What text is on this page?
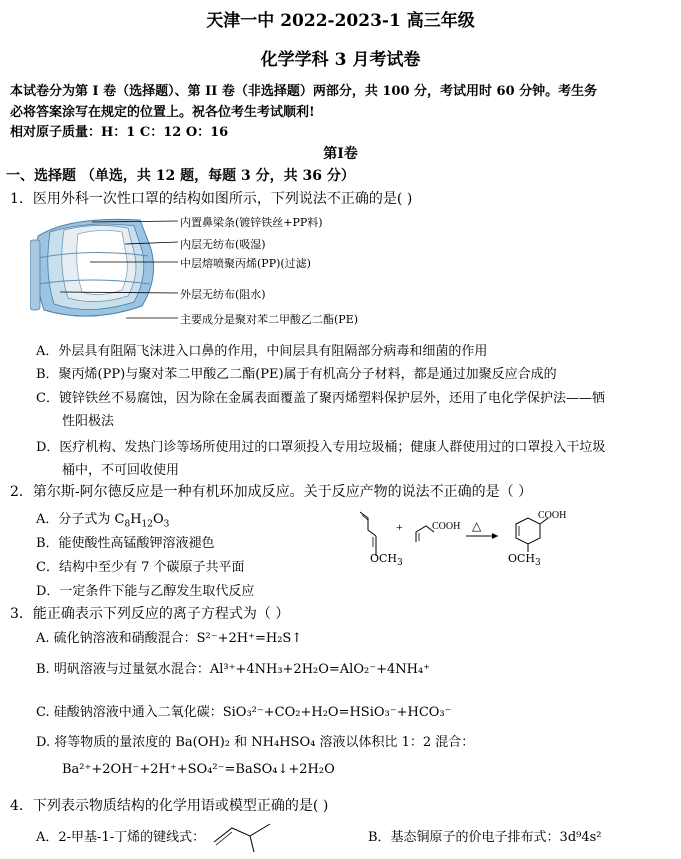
天津一中 2022-2023-1 高三年级
化学学科 3 月考试卷
本试卷分为第 I 卷（选择题）、第 II 卷（非选择题）两部分，共 100 分，考试用时 60 分钟。考生务
必将答案涂写在规定的位置上。祝各位考生考试顺利!
相对原子质量：H：1 C：12 O：16
第Ⅰ卷
一、选择题 （单选，共 12 题，每题 3 分，共 36 分）
1．医用外科一次性口罩的结构如图所示，下列说法不正确的是( )
内置鼻梁条(镀锌铁丝+PP料)
内层无纺布(吸湿)
中层熔喷聚丙烯(PP)(过滤)
外层无纺布(阻水)
主要成分是聚对苯二甲酸乙二酯(PE)
A．外层具有阻隔飞沫进入口鼻的作用，中间层具有阻隔部分病毒和细菌的作用
B．聚丙烯(PP)与聚对苯二甲酸乙二酯(PE)属于有机高分子材料，都是通过加聚反应合成的
C．镀锌铁丝不易腐蚀，因为除在金属表面覆盖了聚丙烯塑料保护层外，还用了电化学保护法——牺
性阳极法
D．医疗机构、发热门诊等场所使用过的口罩须投入专用垃圾桶；健康人群使用过的口罩投入干垃圾
桶中，不可回收使用
2．第尔斯-阿尔德反应是一种有机环加成反应。关于反应产物的说法不正确的是（ ）
A．分子式为 $C_8H_{12}O_3$
B．能使酸性高锰酸钾溶液褪色
C．结构中至少有 7 个碳原子共平面
D．一定条件下能与乙醇发生取代反应
+	COOH △
COOH
$OCH_3$	$OCH_3$
3．能正确表示下列反应的离子方程式为（ ）
A. 硫化钠溶液和硝酸混合：S²⁻+2H⁺=H₂S↑
B. 明矾溶液与过量氨水混合：Al³⁺+4NH₃+2H₂O=AlO₂⁻+4NH₄⁺
C. 硅酸钠溶液中通入二氧化碳：SiO₃²⁻+CO₂+H₂O=HSiO₃⁻+HCO₃⁻
D. 将等物质的量浓度的 Ba(OH)₂ 和 NH₄HSO₄ 溶液以体积比 1：2 混合：
Ba²⁺+2OH⁻+2H⁺+SO₄²⁻=BaSO₄↓+2H₂O
4．下列表示物质结构的化学用语或模型正确的是( )
A．2-甲基-1-丁烯的键线式：	B．基态铜原子的价电子排布式：3d⁹4s²
